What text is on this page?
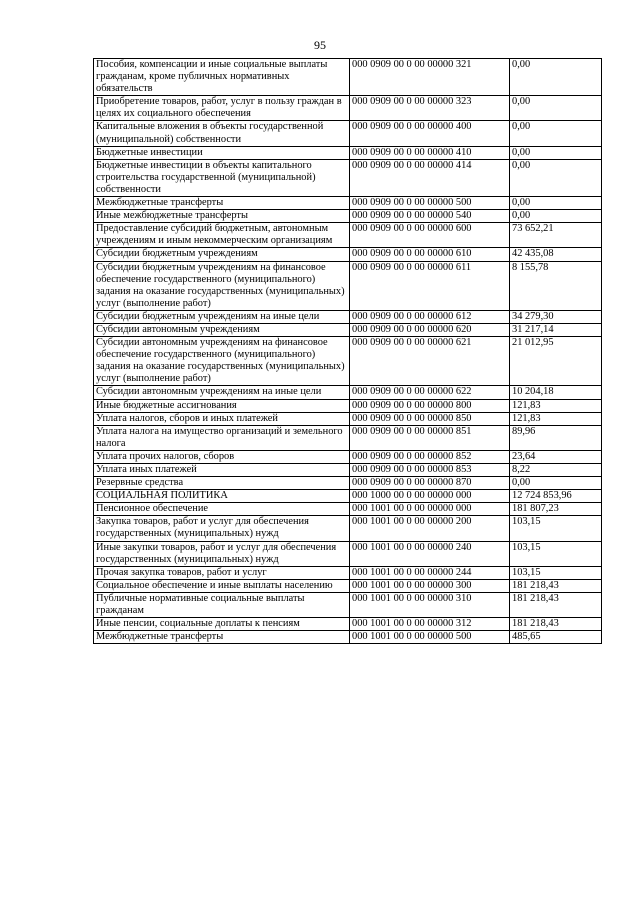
95
Пособия, компенсации и иные социальные выплаты гражданам, кроме публичных нормативных обязательств	000 0909 00 0 00 00000 321	0,00
Приобретение товаров, работ, услуг в пользу граждан в целях их социального обеспечения	000 0909 00 0 00 00000 323	0,00
Капитальные вложения в объекты государственной (муниципальной) собственности	000 0909 00 0 00 00000 400	0,00
Бюджетные инвестиции	000 0909 00 0 00 00000 410	0,00
Бюджетные инвестиции в объекты капитального строительства государственной (муниципальной) собственности	000 0909 00 0 00 00000 414	0,00
Межбюджетные трансферты	000 0909 00 0 00 00000 500	0,00
Иные межбюджетные трансферты	000 0909 00 0 00 00000 540	0,00
Предоставление субсидий бюджетным, автономным учреждениям и иным некоммерческим организациям	000 0909 00 0 00 00000 600	73 652,21
Субсидии бюджетным учреждениям	000 0909 00 0 00 00000 610	42 435,08
Субсидии бюджетным учреждениям на финансовое обеспечение государственного (муниципального) задания на оказание государственных (муниципальных) услуг (выполнение работ)	000 0909 00 0 00 00000 611	8 155,78
Субсидии бюджетным учреждениям на иные цели	000 0909 00 0 00 00000 612	34 279,30
Субсидии автономным учреждениям	000 0909 00 0 00 00000 620	31 217,14
Субсидии автономным учреждениям на финансовое обеспечение государственного (муниципального) задания на оказание государственных (муниципальных) услуг (выполнение работ)	000 0909 00 0 00 00000 621	21 012,95
Субсидии автономным учреждениям на иные цели	000 0909 00 0 00 00000 622	10 204,18
Иные бюджетные ассигнования	000 0909 00 0 00 00000 800	121,83
Уплата налогов, сборов и иных платежей	000 0909 00 0 00 00000 850	121,83
Уплата налога на имущество организаций и земельного налога	000 0909 00 0 00 00000 851	89,96
Уплата прочих налогов, сборов	000 0909 00 0 00 00000 852	23,64
Уплата иных платежей	000 0909 00 0 00 00000 853	8,22
Резервные средства	000 0909 00 0 00 00000 870	0,00
СОЦИАЛЬНАЯ ПОЛИТИКА	000 1000 00 0 00 00000 000	12 724 853,96
Пенсионное обеспечение	000 1001 00 0 00 00000 000	181 807,23
Закупка товаров, работ и услуг для обеспечения государственных (муниципальных) нужд	000 1001 00 0 00 00000 200	103,15
Иные закупки товаров, работ и услуг для обеспечения государственных (муниципальных) нужд	000 1001 00 0 00 00000 240	103,15
Прочая закупка товаров, работ и услуг	000 1001 00 0 00 00000 244	103,15
Социальное обеспечение и иные выплаты населению	000 1001 00 0 00 00000 300	181 218,43
Публичные нормативные социальные выплаты гражданам	000 1001 00 0 00 00000 310	181 218,43
Иные пенсии, социальные доплаты к пенсиям	000 1001 00 0 00 00000 312	181 218,43
Межбюджетные трансферты	000 1001 00 0 00 00000 500	485,65
